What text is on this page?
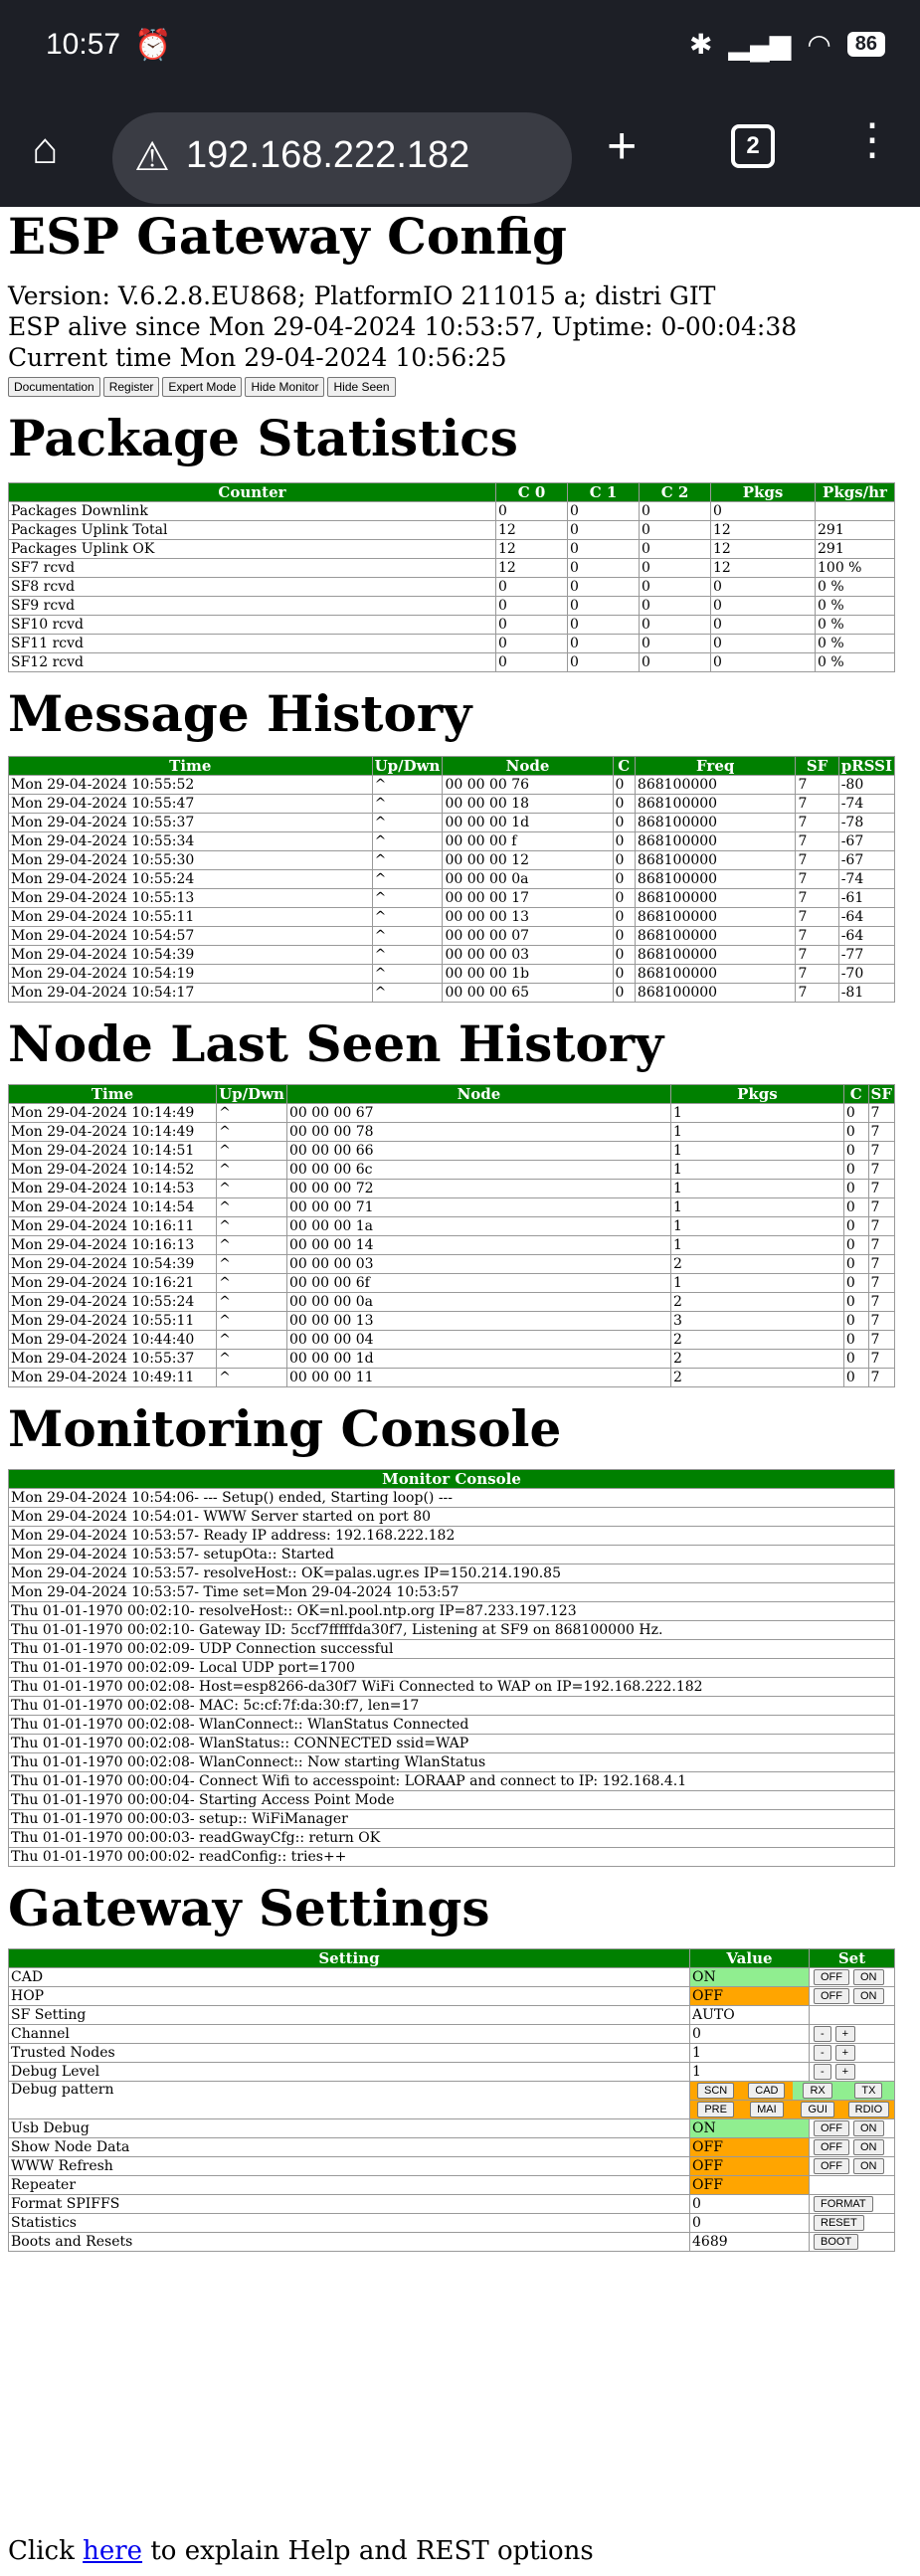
10:57 ⏰	✱ ▂▄▆ ◠	86
⌂ ⚠ 192.168.222.182	+	2	⋮
ESP Gateway Config
Version: V.6.2.8.EU868; PlatformIO 211015 a; distri GIT
ESP alive since Mon 29-04-2024 10:53:57, Uptime: 0-00:04:38
Current time Mon 29-04-2024 10:56:25
Documentation	Register	Expert Mode	Hide Monitor	Hide Seen
Package Statistics
Counter	C 0	C 1	C 2	Pkgs	Pkgs/hr
Packages Downlink	0	0	0	0	
Packages Uplink Total	12	0	0	12	291
Packages Uplink OK	12	0	0	12	291
SF7 rcvd	12	0	0	12	100 %
SF8 rcvd	0	0	0	0	0 %
SF9 rcvd	0	0	0	0	0 %
SF10 rcvd	0	0	0	0	0 %
SF11 rcvd	0	0	0	0	0 %
SF12 rcvd	0	0	0	0	0 %
Message History
Time	Up/Dwn	Node	C	Freq	SF	pRSSI
Mon 29-04-2024 10:55:52	^	00 00 00 76	0	868100000	7	-80
Mon 29-04-2024 10:55:47	^	00 00 00 18	0	868100000	7	-74
Mon 29-04-2024 10:55:37	^	00 00 00 1d	0	868100000	7	-78
Mon 29-04-2024 10:55:34	^	00 00 00 f	0	868100000	7	-67
Mon 29-04-2024 10:55:30	^	00 00 00 12	0	868100000	7	-67
Mon 29-04-2024 10:55:24	^	00 00 00 0a	0	868100000	7	-74
Mon 29-04-2024 10:55:13	^	00 00 00 17	0	868100000	7	-61
Mon 29-04-2024 10:55:11	^	00 00 00 13	0	868100000	7	-64
Mon 29-04-2024 10:54:57	^	00 00 00 07	0	868100000	7	-64
Mon 29-04-2024 10:54:39	^	00 00 00 03	0	868100000	7	-77
Mon 29-04-2024 10:54:19	^	00 00 00 1b	0	868100000	7	-70
Mon 29-04-2024 10:54:17	^	00 00 00 65	0	868100000	7	-81
Node Last Seen History
Time	Up/Dwn	Node	Pkgs	C	SF
Mon 29-04-2024 10:14:49	^	00 00 00 67	1	0	7
Mon 29-04-2024 10:14:49	^	00 00 00 78	1	0	7
Mon 29-04-2024 10:14:51	^	00 00 00 66	1	0	7
Mon 29-04-2024 10:14:52	^	00 00 00 6c	1	0	7
Mon 29-04-2024 10:14:53	^	00 00 00 72	1	0	7
Mon 29-04-2024 10:14:54	^	00 00 00 71	1	0	7
Mon 29-04-2024 10:16:11	^	00 00 00 1a	1	0	7
Mon 29-04-2024 10:16:13	^	00 00 00 14	1	0	7
Mon 29-04-2024 10:54:39	^	00 00 00 03	2	0	7
Mon 29-04-2024 10:16:21	^	00 00 00 6f	1	0	7
Mon 29-04-2024 10:55:24	^	00 00 00 0a	2	0	7
Mon 29-04-2024 10:55:11	^	00 00 00 13	3	0	7
Mon 29-04-2024 10:44:40	^	00 00 00 04	2	0	7
Mon 29-04-2024 10:55:37	^	00 00 00 1d	2	0	7
Mon 29-04-2024 10:49:11	^	00 00 00 11	2	0	7
Monitoring Console
Monitor Console
Mon 29-04-2024 10:54:06- --- Setup() ended, Starting loop() ---
Mon 29-04-2024 10:54:01- WWW Server started on port 80
Mon 29-04-2024 10:53:57- Ready IP address: 192.168.222.182
Mon 29-04-2024 10:53:57- setupOta:: Started
Mon 29-04-2024 10:53:57- resolveHost:: OK=palas.ugr.es IP=150.214.190.85
Mon 29-04-2024 10:53:57- Time set=Mon 29-04-2024 10:53:57
Thu 01-01-1970 00:02:10- resolveHost:: OK=nl.pool.ntp.org IP=87.233.197.123
Thu 01-01-1970 00:02:10- Gateway ID: 5ccf7fffffda30f7, Listening at SF9 on 868100000 Hz.
Thu 01-01-1970 00:02:09- UDP Connection successful
Thu 01-01-1970 00:02:09- Local UDP port=1700
Thu 01-01-1970 00:02:08- Host=esp8266-da30f7 WiFi Connected to WAP on IP=192.168.222.182
Thu 01-01-1970 00:02:08- MAC: 5c:cf:7f:da:30:f7, len=17
Thu 01-01-1970 00:02:08- WlanConnect:: WlanStatus Connected
Thu 01-01-1970 00:02:08- WlanStatus:: CONNECTED ssid=WAP
Thu 01-01-1970 00:02:08- WlanConnect:: Now starting WlanStatus
Thu 01-01-1970 00:00:04- Connect Wifi to accesspoint: LORAAP and connect to IP: 192.168.4.1
Thu 01-01-1970 00:00:04- Starting Access Point Mode
Thu 01-01-1970 00:00:03- setup:: WiFiManager
Thu 01-01-1970 00:00:03- readGwayCfg:: return OK
Thu 01-01-1970 00:00:02- readConfig:: tries++
Gateway Settings
Setting	Value	Set
CAD	ON	OFF ON
HOP	OFF	OFF ON
SF Setting	AUTO	
Channel	0	- +
Trusted Nodes	1	- +
Debug Level	1	- +
Debug pattern	SCN CAD RX TX	

	PRE MAI GUI RDIO	

Usb Debug	ON	OFF ON
Show Node Data	OFF	OFF ON
WWW Refresh	OFF	OFF ON
Repeater	OFF	
Format SPIFFS	0	FORMAT
Statistics	0	RESET
Boots and Resets	4689	BOOT
Click here to explain Help and REST options
